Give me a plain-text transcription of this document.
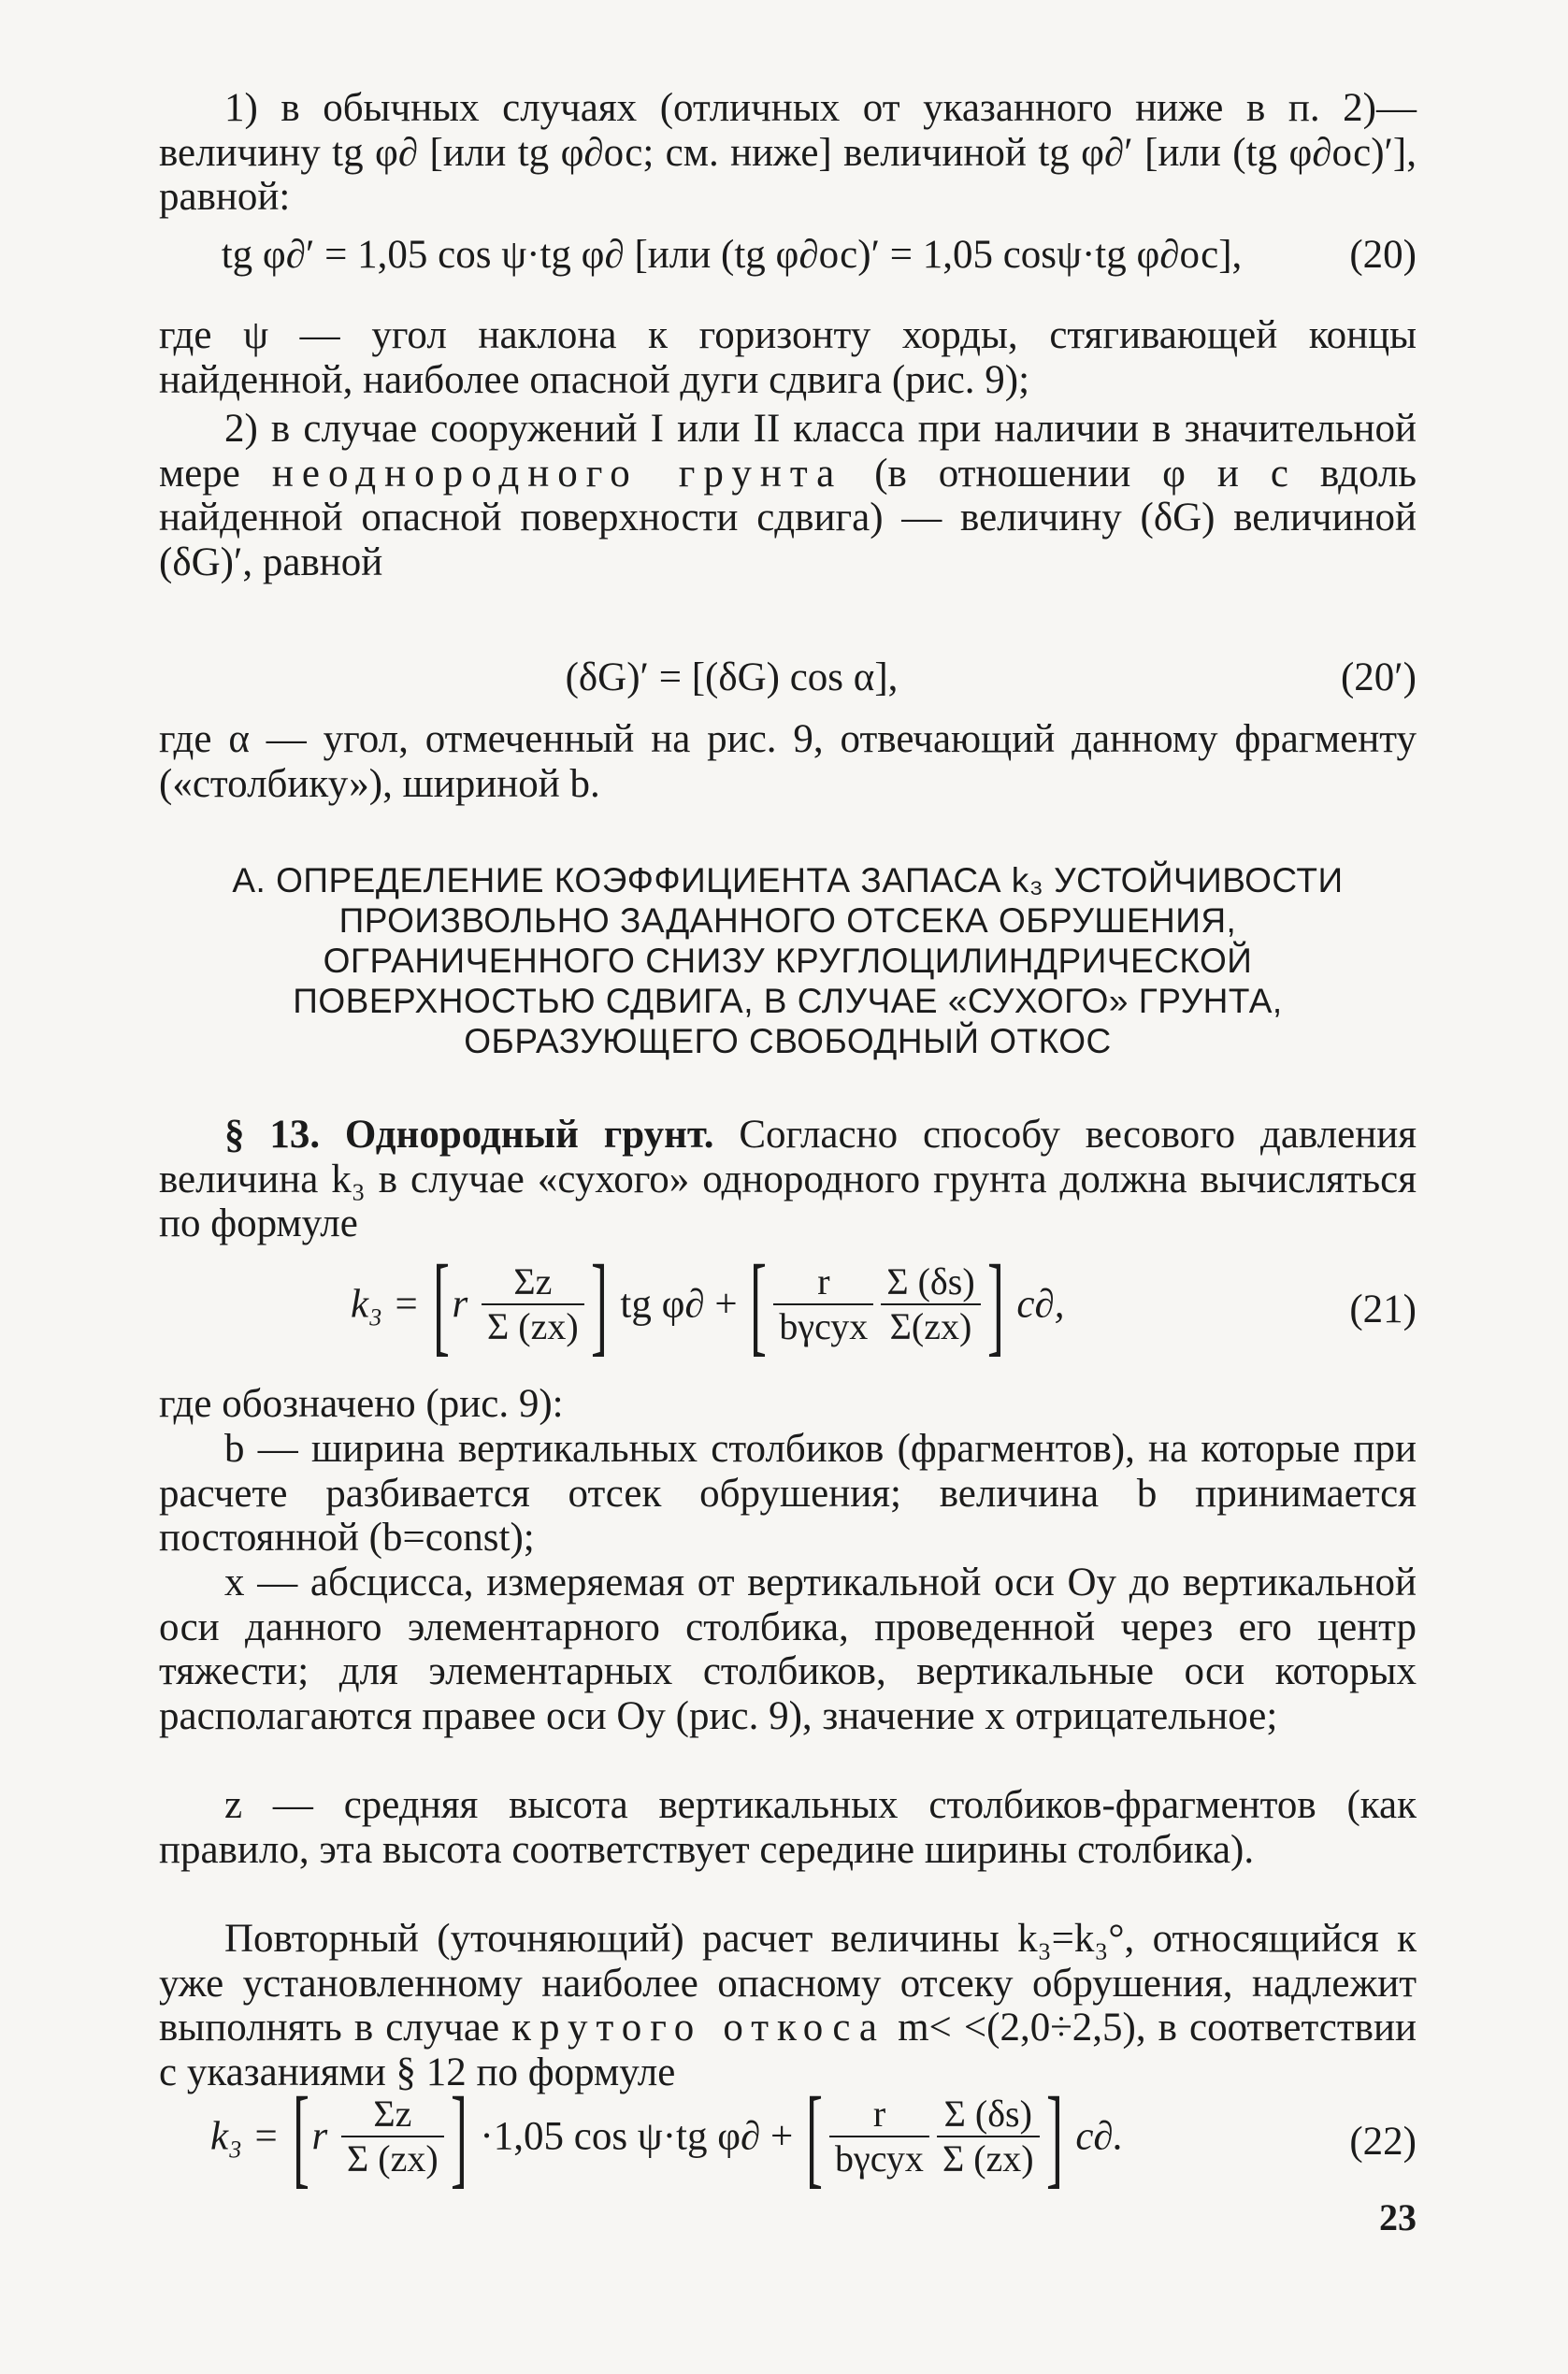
1) в обычных случаях (отличных от указанного ниже в п. 2)—величину tg φ∂ [или tg φ∂ос; см. ниже] величиной tg φ∂′ [или (tg φ∂ос)′], равной:

tg φ∂′ = 1,05 cos ψ·tg φ∂ [или (tg φ∂ос)′ = 1,05 cosψ·tg φ∂ос],	(20)

где ψ — угол наклона к горизонту хорды, стягивающей концы найденной, наиболее опасной дуги сдвига (рис. 9);

2) в случае сооружений I или II класса при наличии в значительной мере неоднородного грунта (в отношении φ и c вдоль найденной опасной поверхности сдвига) — величину (δG) величиной (δG)′, равной

(δG)′ = [(δG) cos α],	(20′)

где α — угол, отмеченный на рис. 9, отвечающий данному фрагменту («столбику»), шириной b.

А. ОПРЕДЕЛЕНИЕ КОЭФФИЦИЕНТА ЗАПАСА k₃ УСТОЙЧИВОСТИ
ПРОИЗВОЛЬНО ЗАДАННОГО ОТСЕКА ОБРУШЕНИЯ,
ОГРАНИЧЕННОГО СНИЗУ КРУГЛОЦИЛИНДРИЧЕСКОЙ
ПОВЕРХНОСТЬЮ СДВИГА, В СЛУЧАЕ «СУХОГО» ГРУНТА,
ОБРАЗУЮЩЕГО СВОБОДНЫЙ ОТКОС

§ 13. Однородный грунт. Согласно способу весового давления величина k₃ в случае «сухого» однородного грунта должна вычисляться по формуле

$k_3 = [r \frac{\Sigma z}{\Sigma (zx)}$ ] tg φ∂ + [ $\frac{r}{\text{bγсух}} \frac{\Sigma (\delta s)}{\Sigma(zx)}$ ] c∂,	(21)

где обозначено (рис. 9):

b — ширина вертикальных столбиков (фрагментов), на которые при расчете разбивается отсек обрушения; величина b принимается постоянной (b=const);

x — абсцисса, измеряемая от вертикальной оси Oy до вертикальной оси данного элементарного столбика, проведенной через его центр тяжести; для элементарных столбиков, вертикальные оси которых располагаются правее оси Oy (рис. 9), значение x отрицательное;

z — средняя высота вертикальных столбиков-фрагментов (как правило, эта высота соответствует середине ширины столбика).

Повторный (уточняющий) расчет величины k₃=k₃°, относящийся к уже установленному наиболее опасному отсеку обрушения, надлежит выполнять в случае крутого откоса m< <(2,0÷2,5), в соответствии с указаниями § 12 по формуле

$k_3 = [r \frac{\Sigma z}{\Sigma (zx)}$ ] ·1,05 cos ψ·tg φ∂ + [ $\frac{r}{\text{bγсух}} \frac{\Sigma (\delta s)}{\Sigma (zx)}$ ] c∂.	(22)
23
